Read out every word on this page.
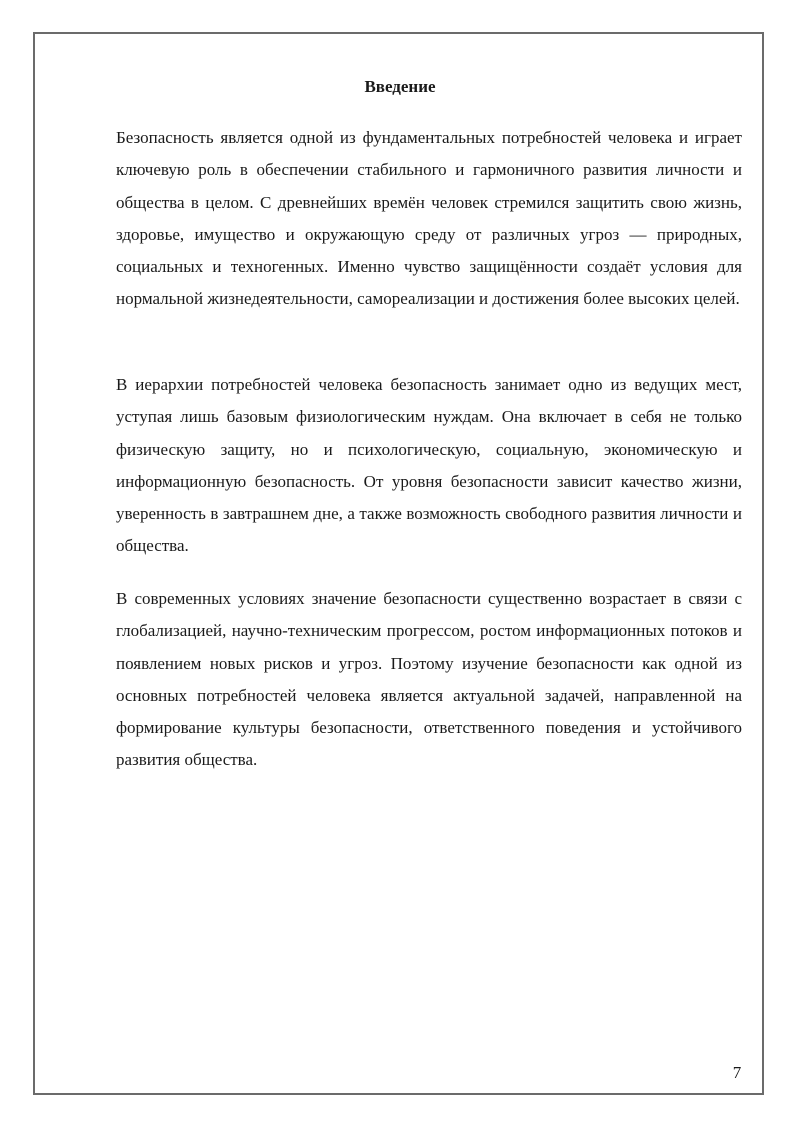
Введение

Безопасность является одной из фундаментальных потребностей человека и играет ключевую роль в обеспечении стабильного и гармоничного развития личности и общества в целом. С древнейших времён человек стремился защитить свою жизнь, здоровье, имущество и окружающую среду от различных угроз — природных, социальных и техногенных. Именно чувство защищённости создаёт условия для нормальной жизнедеятельности, самореализации и достижения более высоких целей.

В иерархии потребностей человека безопасность занимает одно из ведущих мест, уступая лишь базовым физиологическим нуждам. Она включает в себя не только физическую защиту, но и психологическую, социальную, экономическую и информационную безопасность. От уровня безопасности зависит качество жизни, уверенность в завтрашнем дне, а также возможность свободного развития личности и общества.

В современных условиях значение безопасности существенно возрастает в связи с глобализацией, научно-техническим прогрессом, ростом информационных потоков и появлением новых рисков и угроз. Поэтому изучение безопасности как одной из основных потребностей человека является актуальной задачей, направленной на формирование культуры безопасности, ответственного поведения и устойчивого развития общества.

7
